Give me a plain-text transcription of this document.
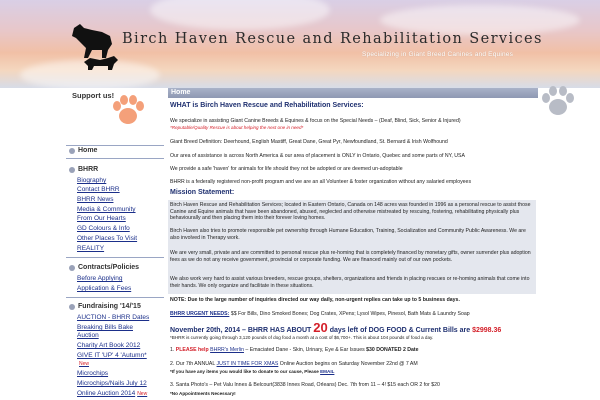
Birch Haven Rescue and Rehabilitation Services
Specializing in Giant Breed Canines and Equines
Support us!
Home
BHRR
Biography
Contact BHRR
BHRR News
Media & Community
From Our Hearts
GD Colours & Info
Other Places To Visit
REALITY
Contracts/Policies
Before Applying
Application & Fees
Fundraising '14/'15
AUCTION - BHRR Dates
Breaking Bills Bake
Auction
Charity Art Book 2012
GIVE IT 'UP' 4 'Autumn*
New
Microchips
Microchips/Nails July 12
Online Auction 2014 New
Home
WHAT is Birch Haven Rescue and Rehabilitation Services:
We specialize in assisting Giant Canine Breeds & Equines & focus on the Special Needs – (Deaf, Blind, Sick, Senior & Injured)
*Reputable/Quality Rescue is about helping the next one in need*
Giant Breed Definition: Deerhound, English Mastiff, Great Dane, Great Pyr, Newfoundland, St. Bernard & Irish Wolfhound
Our area of assistance is across North America & our area of placement is ONLY in Ontario, Quebec and some parts of NY, USA
We provide a safe 'haven' for animals for life should they not be adopted or are deemed un-adoptable
BHRR is a federally registered non-profit program and we are an all Volunteer & foster organization without any salaried employees
Mission Statement:
Birch Haven Rescue and Rehabilitation Services; located in Eastern Ontario, Canada on 148 acres was founded in 1996 as a personal rescue to assist those Canine and Equine animals that have been abandoned, abused, neglected and otherwise mistreated by rescuing, fostering, rehabilitating physically plus behaviourally and then placing them into their forever loving homes.
Birch Haven also tries to promote responsible pet ownership through Humane Education, Training, Socialization and Community Public Awareness. We are also involved in Therapy work.
We are very small, private and are committed to personal rescue plus re-homing that is completely financed by monetary gifts, owner surrender plus adoption fees as we do not any receive government, provincial or corporate funding. We are financed mainly out of our own pockets.
We also work very hard to assist various breeders, rescue groups, shelters, organizations and friends in placing rescues or re-homing animals that come into their hands. We only organize and facilitate in these situations.
NOTE: Due to the large number of inquiries directed our way daily, non-urgent replies can take up to 5 business days.
BHRR URGENT NEEDS: $$ For Bills, Dino Smoked Bones; Dog Crates, XPens; Lysol Wipes, Pinesol, Bath Mats & Laundry Soap
November 20th, 2014 – BHRR HAS ABOUT 20 days left of DOG FOOD & Current Bills are $2998.36
*BHRR is currently going through 3,120 pounds of dog food a month at a cost of $6,700+. This is about 104 pounds of food a day.
1. PLEASE help BHRR's Merlin – Emaciated Dane - Skin, Urinary, Eye & Ear Issues $30 DONATED 2 Date
2. Our 7th ANNUAL JUST IN TIME FOR XMAS Online Auction begins on Saturday November 22nd @ 7 AM
*If you have any items you would like to donate to our cause, Please EMAIL
3. Santa Photo's – Pet Valu Innes & Belcourt(3838 Innes Road, Orleans) Dec. 7th from 11 – 4! $15 each OR 2 for $20
*No Appointments Necessary!
